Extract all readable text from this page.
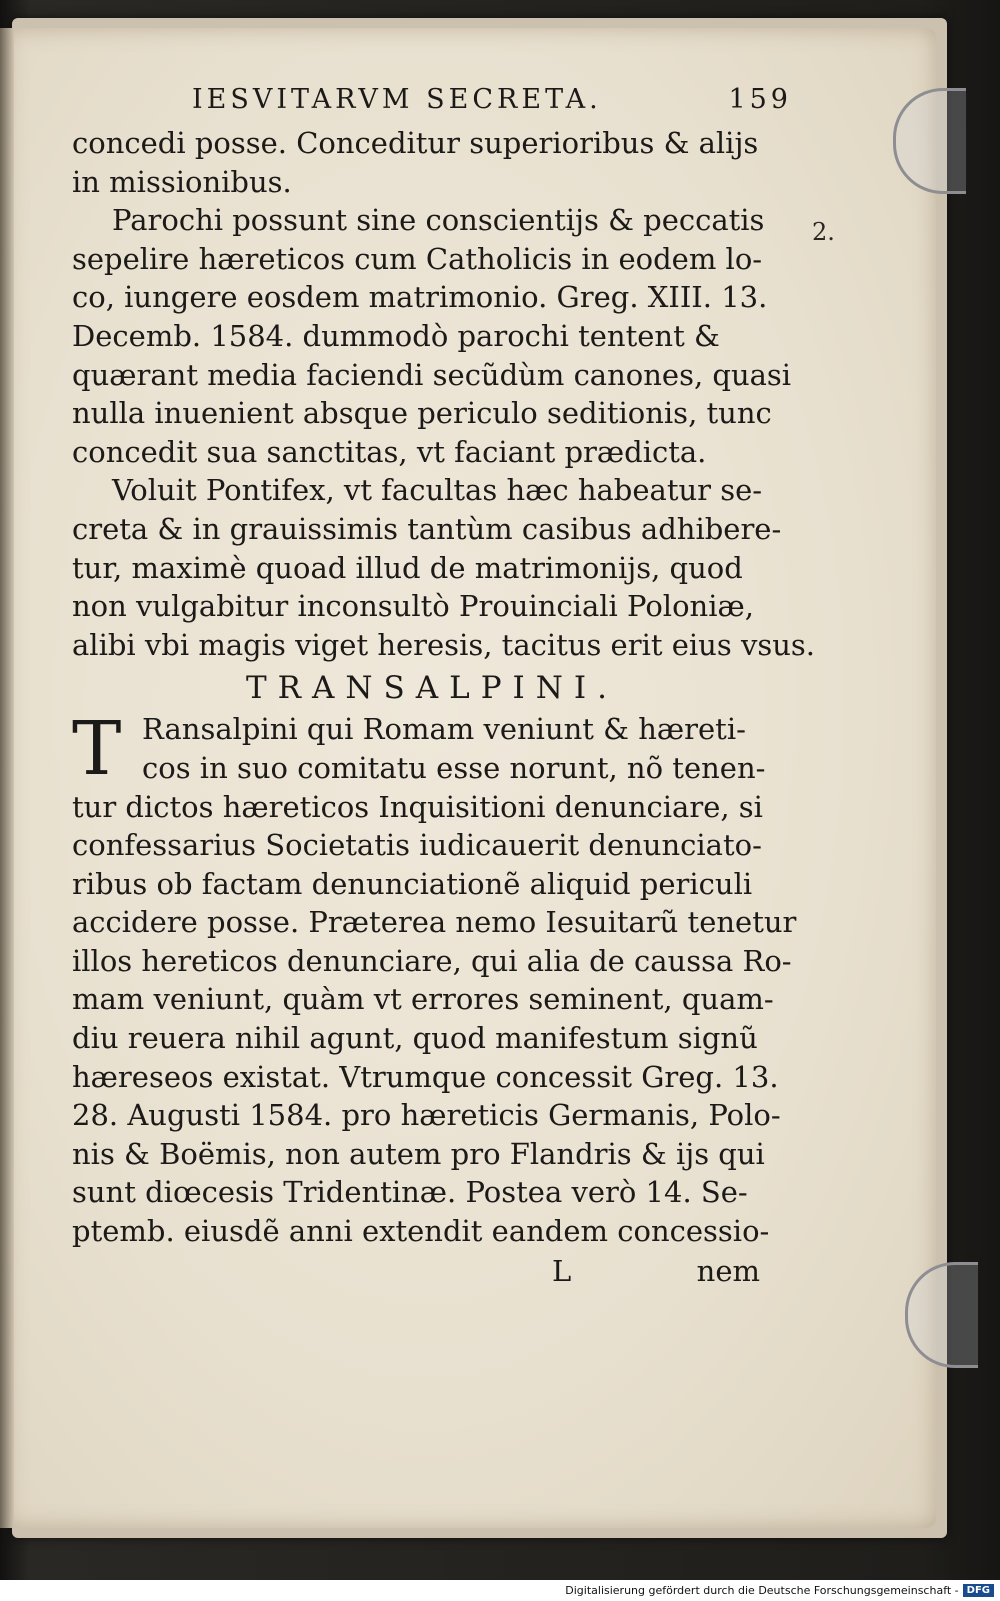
2.
IESVITARVM SECRETA.	159
concedi posse. Conceditur superioribus & alijs
in missionibus.
Parochi possunt sine conscientijs & peccatis
sepelire hæreticos cum Catholicis in eodem lo-
co, iungere eosdem matrimonio. Greg. XIII. 13.
Decemb. 1584. dummodò parochi tentent &
quærant media faciendi secũdùm canones, quasi
nulla inuenient absque periculo seditionis, tunc
concedit sua sanctitas, vt faciant prædicta.
Voluit Pontifex, vt facultas hæc habeatur se-
creta & in grauissimis tantùm casibus adhibere-
tur, maximè quoad illud de matrimonijs, quod
non vulgabitur inconsultò Prouinciali Poloniæ,
alibi vbi magis viget heresis, tacitus erit eius vsus.
TRANSALPINI.
T Ransalpini qui Romam veniunt & hæreti-
cos in suo comitatu esse norunt, nõ tenen-
tur dictos hæreticos Inquisitioni denunciare, si
confessarius Societatis iudicauerit denunciato-
ribus ob factam denunciationẽ aliquid periculi
accidere posse. Præterea nemo Iesuitarũ tenetur
illos hereticos denunciare, qui alia de caussa Ro-
mam veniunt, quàm vt errores seminent, quam-
diu reuera nihil agunt, quod manifestum signũ
hæreseos existat. Vtrumque concessit Greg. 13.
28. Augusti 1584. pro hæreticis Germanis, Polo-
nis & Boëmis, non autem pro Flandris & ijs qui
sunt diœcesis Tridentinæ. Postea verò 14. Se-
ptemb. eiusdẽ anni extendit eandem concessio-
L	nem
Digitalisierung gefördert durch die Deutsche Forschungsgemeinschaft - DFG
